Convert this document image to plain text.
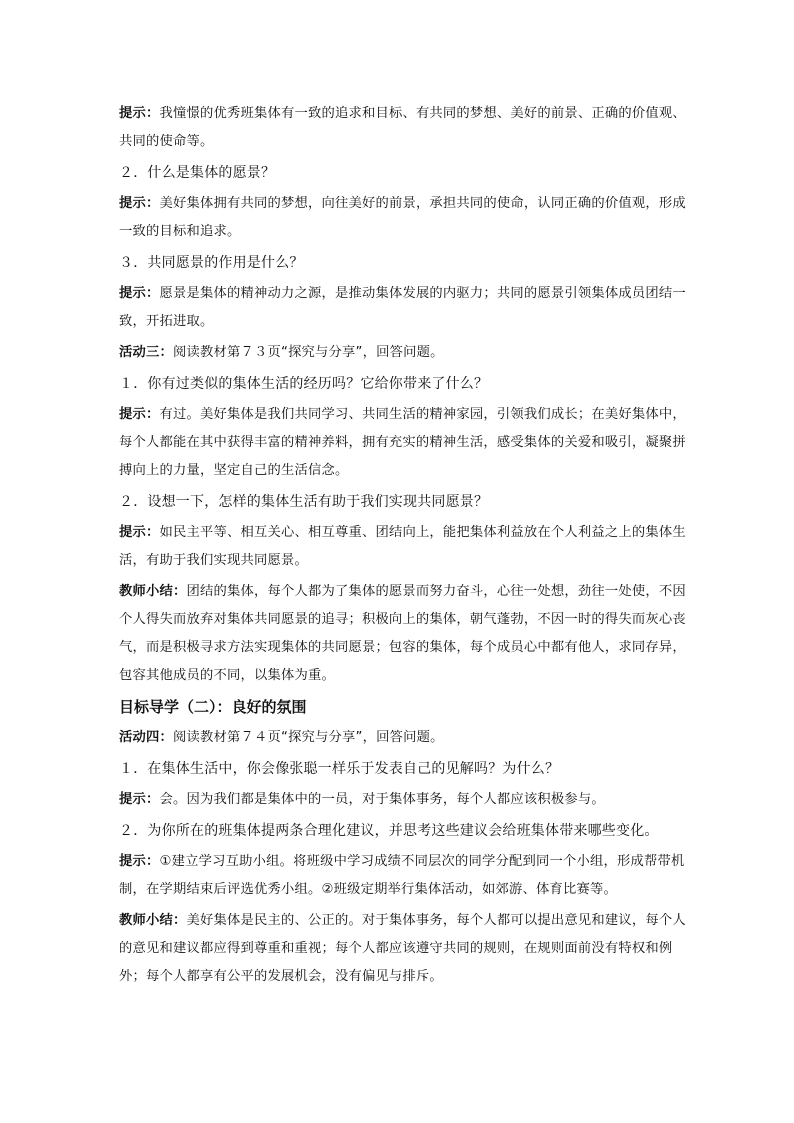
提示：我憧憬的优秀班集体有一致的追求和目标、有共同的梦想、美好的前景、正确的价值观、共同的使命等。

２．什么是集体的愿景？

提示：美好集体拥有共同的梦想，向往美好的前景，承担共同的使命，认同正确的价值观，形成一致的目标和追求。

３．共同愿景的作用是什么？

提示：愿景是集体的精神动力之源，是推动集体发展的内驱力；共同的愿景引领集体成员团结一致，开拓进取。

活动三：阅读教材第７３页“探究与分享”，回答问题。

１．你有过类似的集体生活的经历吗？它给你带来了什么？

提示：有过。美好集体是我们共同学习、共同生活的精神家园，引领我们成长；在美好集体中，每个人都能在其中获得丰富的精神养料，拥有充实的精神生活，感受集体的关爱和吸引，凝聚拼搏向上的力量，坚定自己的生活信念。

２．设想一下，怎样的集体生活有助于我们实现共同愿景？

提示：如民主平等、相互关心、相互尊重、团结向上，能把集体利益放在个人利益之上的集体生活，有助于我们实现共同愿景。

教师小结：团结的集体，每个人都为了集体的愿景而努力奋斗，心往一处想，劲往一处使，不因个人得失而放弃对集体共同愿景的追寻；积极向上的集体，朝气蓬勃，不因一时的得失而灰心丧气，而是积极寻求方法实现集体的共同愿景；包容的集体，每个成员心中都有他人，求同存异，包容其他成员的不同，以集体为重。

目标导学（二）：良好的氛围

活动四：阅读教材第７４页“探究与分享”，回答问题。

１．在集体生活中，你会像张聪一样乐于发表自己的见解吗？为什么？

提示：会。因为我们都是集体中的一员，对于集体事务，每个人都应该积极参与。

２．为你所在的班集体提两条合理化建议，并思考这些建议会给班集体带来哪些变化。

提示：①建立学习互助小组。将班级中学习成绩不同层次的同学分配到同一个小组，形成帮带机制，在学期结束后评选优秀小组。②班级定期举行集体活动，如郊游、体育比赛等。

教师小结：美好集体是民主的、公正的。对于集体事务，每个人都可以提出意见和建议，每个人的意见和建议都应得到尊重和重视；每个人都应该遵守共同的规则，在规则面前没有特权和例外；每个人都享有公平的发展机会，没有偏见与排斥。
